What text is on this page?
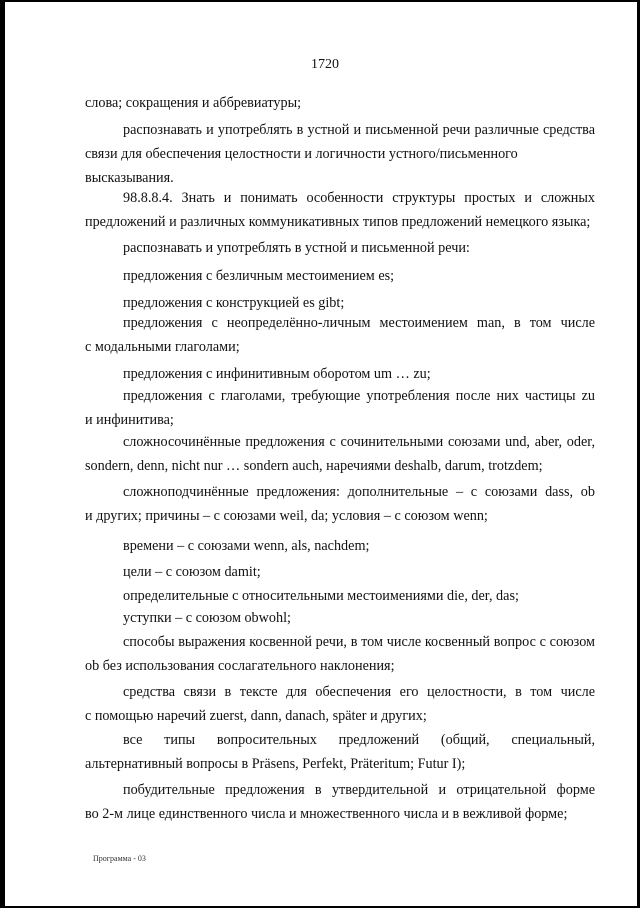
1720
слова; сокращения и аббревиатуры;
распознавать и употреблять в устной и письменной речи различные средства
связи для обеспечения целостности и логичности устного/письменного высказывания.
98.8.8.4. Знать и понимать особенности структуры простых и сложных
предложений и различных коммуникативных типов предложений немецкого языка;
распознавать и употреблять в устной и письменной речи:
предложения с безличным местоимением es;
предложения с конструкцией es gibt;
предложения с неопределённо-личным местоимением man, в том числе
с модальными глаголами;
предложения с инфинитивным оборотом um … zu;
предложения с глаголами, требующие употребления после них частицы zu
и инфинитива;
сложносочинённые предложения с сочинительными союзами und, aber, oder,
sondern, denn, nicht nur … sondern auch, наречиями deshalb, darum, trotzdem;
сложноподчинённые предложения: дополнительные – с союзами dass, ob
и других; причины – с союзами weil, da; условия – с союзом wenn;
времени – с союзами wenn, als, nachdem;
цели – с союзом damit;
определительные с относительными местоимениями die, der, das;
уступки – с союзом obwohl;
способы выражения косвенной речи, в том числе косвенный вопрос с союзом
ob без использования сослагательного наклонения;
средства связи в тексте для обеспечения его целостности, в том числе
с помощью наречий zuerst, dann, danach, später и других;
все типы вопросительных предложений (общий, специальный,
альтернативный вопросы в Präsens, Perfekt, Präteritum; Futur I);
побудительные предложения в утвердительной и отрицательной форме
во 2-м лице единственного числа и множественного числа и в вежливой форме;
Программа - 03
